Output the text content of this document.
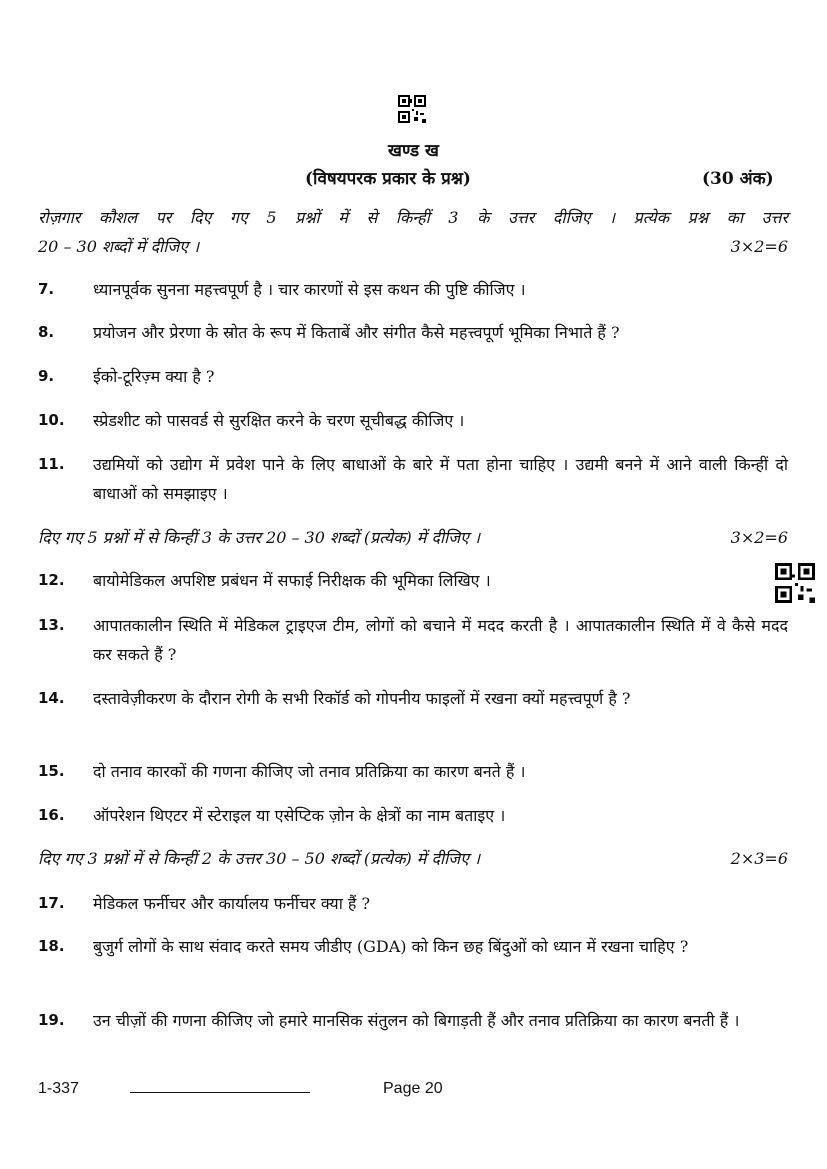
खण्ड ख
(विषयपरक प्रकार के प्रश्न)	(30 अंक)
रोज़गार कौशल पर दिए गए 5 प्रश्नों में से किन्हीं 3 के उत्तर दीजिए । प्रत्येक प्रश्न का उत्तर
20 – 30 शब्दों में दीजिए ।	3×2=6
7. ध्यानपूर्वक सुनना महत्त्वपूर्ण है । चार कारणों से इस कथन की पुष्टि कीजिए ।
8. प्रयोजन और प्रेरणा के स्रोत के रूप में किताबें और संगीत कैसे महत्त्वपूर्ण भूमिका निभाते हैं ?
9. ईको-टूरिज़्म क्या है ?
10. स्प्रेडशीट को पासवर्ड से सुरक्षित करने के चरण सूचीबद्ध कीजिए ।
11. उद्यमियों को उद्योग में प्रवेश पाने के लिए बाधाओं के बारे में पता होना चाहिए । उद्यमी बनने में आने वाली किन्हीं दो बाधाओं को समझाइए ।
दिए गए 5 प्रश्नों में से किन्हीं 3 के उत्तर 20 – 30 शब्दों (प्रत्येक) में दीजिए ।	3×2=6
12. बायोमेडिकल अपशिष्ट प्रबंधन में सफाई निरीक्षक की भूमिका लिखिए ।
13. आपातकालीन स्थिति में मेडिकल ट्राइएज टीम, लोगों को बचाने में मदद करती है । आपातकालीन स्थिति में वे कैसे मदद कर सकते हैं ?
14. दस्तावेज़ीकरण के दौरान रोगी के सभी रिकॉर्ड को गोपनीय फाइलों में रखना क्यों महत्त्वपूर्ण है ?
15. दो तनाव कारकों की गणना कीजिए जो तनाव प्रतिक्रिया का कारण बनते हैं ।
16. ऑपरेशन थिएटर में स्टेराइल या एसेप्टिक ज़ोन के क्षेत्रों का नाम बताइए ।
दिए गए 3 प्रश्नों में से किन्हीं 2 के उत्तर 30 – 50 शब्दों (प्रत्येक) में दीजिए ।	2×3=6
17. मेडिकल फर्नीचर और कार्यालय फर्नीचर क्या हैं ?
18. बुजुर्ग लोगों के साथ संवाद करते समय जीडीए (GDA) को किन छह बिंदुओं को ध्यान में रखना चाहिए ?
19. उन चीज़ों की गणना कीजिए जो हमारे मानसिक संतुलन को बिगाड़ती हैं और तनाव प्रतिक्रिया का कारण बनती हैं ।
1-337	Page 20
